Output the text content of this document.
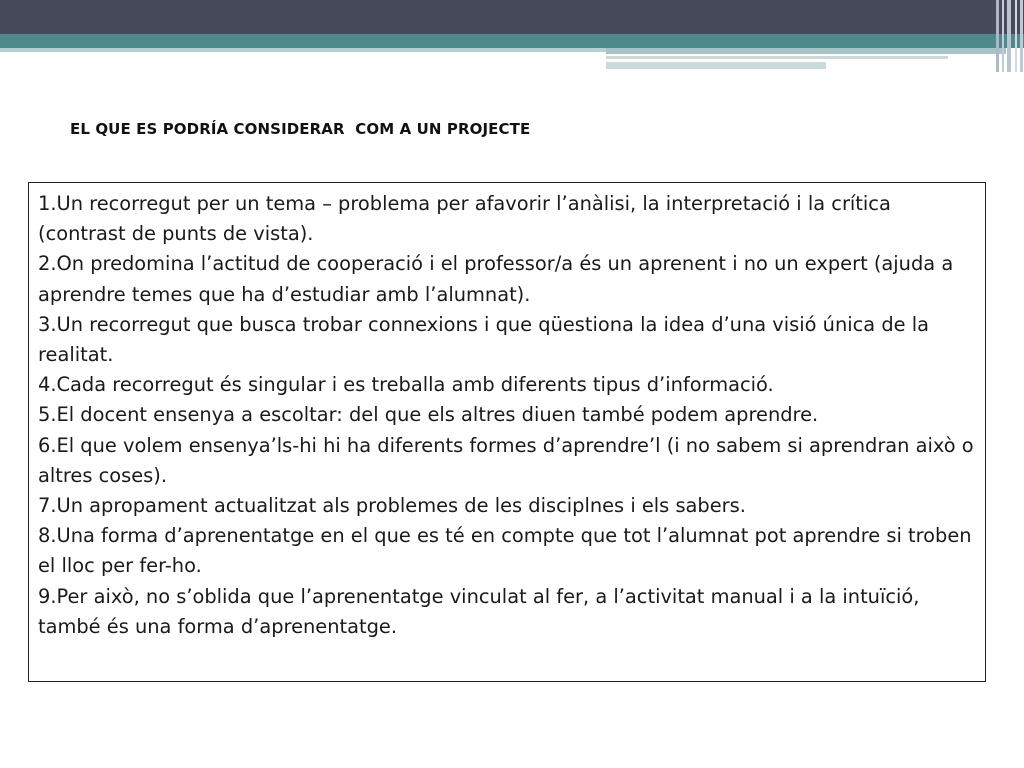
EL QUE ES PODRÍA CONSIDERAR  COM A UN PROJECTE

1.Un recorregut per un tema – problema per afavorir l’anàlisi, la interpretació i la crítica (contrast de punts de vista).

2.On predomina l’actitud de cooperació i el professor/a és un aprenent i no un expert (ajuda a aprendre temes que ha d’estudiar amb l’alumnat).

3.Un recorregut que busca trobar connexions i que qüestiona la idea d’una visió única de la realitat.

4.Cada recorregut és singular i es treballa amb diferents tipus d’informació.

5.El docent ensenya a escoltar: del que els altres diuen també podem aprendre.

6.El que volem ensenya’ls-hi hi ha diferents formes d’aprendre’l (i no sabem si aprendran això o altres coses).

7.Un apropament actualitzat als problemes de les disciplnes i els sabers.

8.Una forma d’aprenentatge en el que es té en compte que tot l’alumnat pot aprendre si troben el lloc per fer-ho.

9.Per això, no s’oblida que l’aprenentatge vinculat al fer, a l’activitat manual i a la intuïció, també és una forma d’aprenentatge.
